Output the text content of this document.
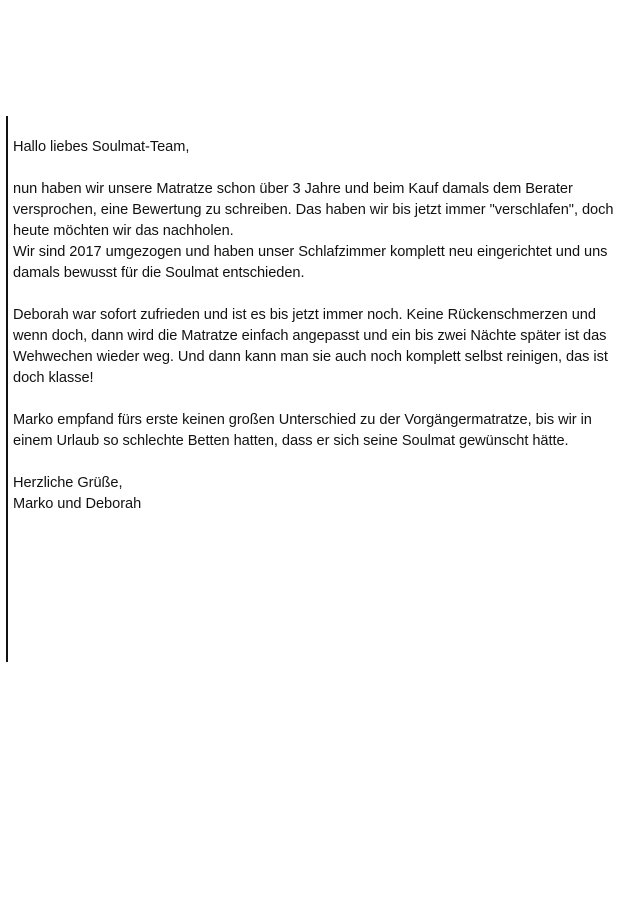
Hallo liebes Soulmat-Team,

nun haben wir unsere Matratze schon über 3 Jahre und beim Kauf damals dem Berater
versprochen, eine Bewertung zu schreiben. Das haben wir bis jetzt immer "verschlafen", doch
heute möchten wir das nachholen.
Wir sind 2017 umgezogen und haben unser Schlafzimmer komplett neu eingerichtet und uns
damals bewusst für die Soulmat entschieden.

Deborah war sofort zufrieden und ist es bis jetzt immer noch. Keine Rückenschmerzen und
wenn doch, dann wird die Matratze einfach angepasst und ein bis zwei Nächte später ist das
Wehwechen wieder weg. Und dann kann man sie auch noch komplett selbst reinigen, das ist
doch klasse!

Marko empfand fürs erste keinen großen Unterschied zu der Vorgängermatratze, bis wir in
einem Urlaub so schlechte Betten hatten, dass er sich seine Soulmat gewünscht hätte.

Herzliche Grüße,
Marko und Deborah
